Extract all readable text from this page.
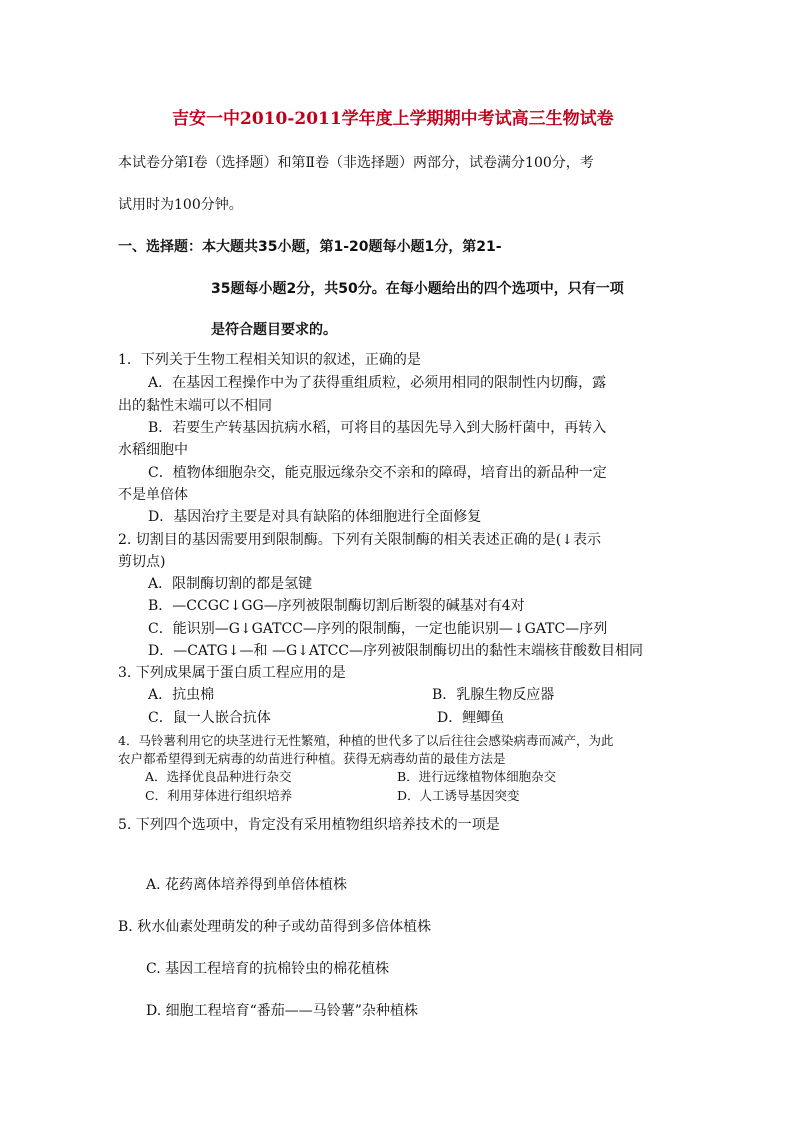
吉安一中2010-2011学年度上学期期中考试高三生物试卷
本试卷分第Ⅰ卷（选择题）和第Ⅱ卷（非选择题）两部分，试卷满分100分，考
试用时为100分钟。
一、选择题：本大题共35小题，第1-20题每小题1分，第21-
35题每小题2分，共50分。在每小题给出的四个选项中，只有一项
是符合题目要求的。
1．下列关于生物工程相关知识的叙述，正确的是
A．在基因工程操作中为了获得重组质粒，必须用相同的限制性内切酶，露
出的黏性末端可以不相同
B．若要生产转基因抗病水稻，可将目的基因先导入到大肠杆菌中，再转入
水稻细胞中
C．植物体细胞杂交，能克服远缘杂交不亲和的障碍，培育出的新品种一定
不是单倍体
D．基因治疗主要是对具有缺陷的体细胞进行全面修复
2. 切割目的基因需要用到限制酶。下列有关限制酶的相关表述正确的是(↓表示
剪切点)
A．限制酶切割的都是氢键
B．—CCGC↓GG—序列被限制酶切割后断裂的碱基对有4对
C．能识别—G↓GATCC—序列的限制酶，一定也能识别—↓GATC—序列
D．—CATG↓—和 —G↓ATCC—序列被限制酶切出的黏性末端核苷酸数目相同
3. 下列成果属于蛋白质工程应用的是
A．抗虫棉	B．乳腺生物反应器
C．鼠一人嵌合抗体	D．鲤鲫鱼
4．马铃薯利用它的块茎进行无性繁殖，种植的世代多了以后往往会感染病毒而减产，为此
农户都希望得到无病毒的幼苗进行种植。获得无病毒幼苗的最佳方法是
A．选择优良品种进行杂交	B．进行远缘植物体细胞杂交
C．利用芽体进行组织培养	D．人工诱导基因突变
5. 下列四个选项中，肯定没有采用植物组织培养技术的一项是
A. 花药离体培养得到单倍体植株
B. 秋水仙素处理萌发的种子或幼苗得到多倍体植株
C. 基因工程培育的抗棉铃虫的棉花植株
D. 细胞工程培育“番茄——马铃薯”杂种植株
